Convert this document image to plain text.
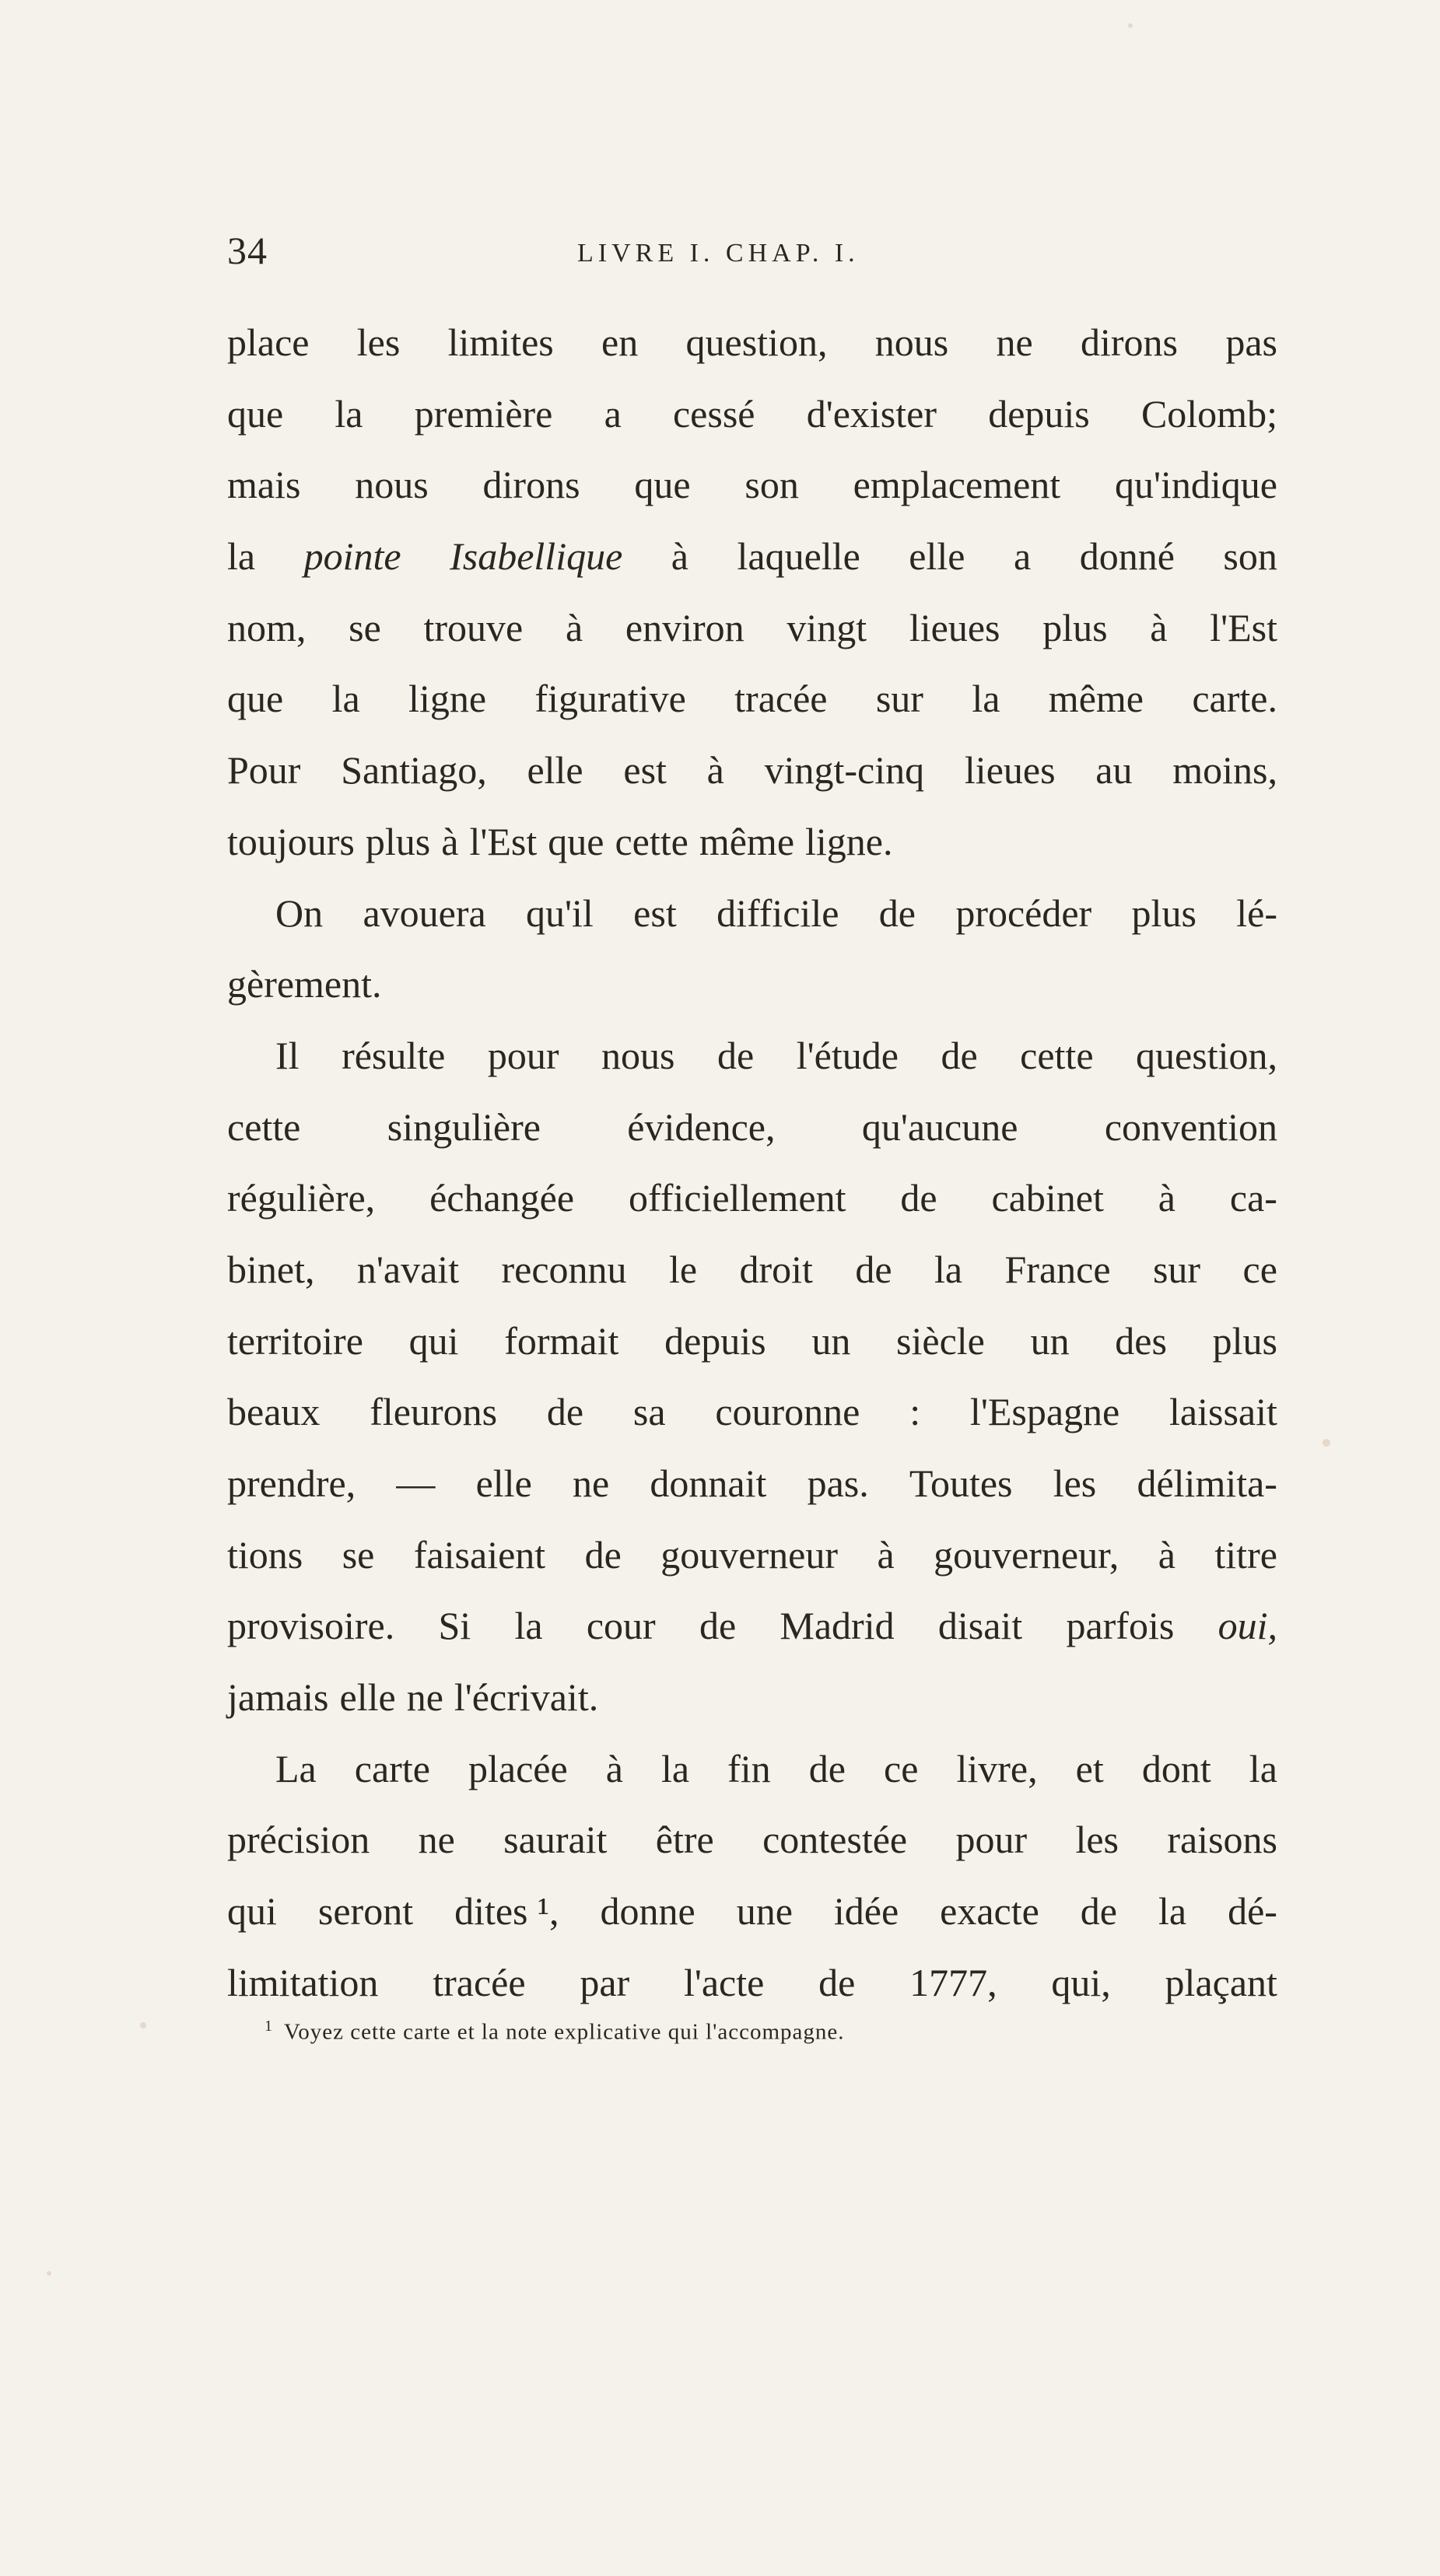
34	LIVRE I. CHAP. I.
place les limites en question, nous ne dirons pas
que la première a cessé d'exister depuis Colomb;
mais nous dirons que son emplacement qu'indique
la pointe Isabellique à laquelle elle a donné son
nom, se trouve à environ vingt lieues plus à l'Est
que la ligne figurative tracée sur la même carte.
Pour Santiago, elle est à vingt-cinq lieues au moins,
toujours plus à l'Est que cette même ligne.
On avouera qu'il est difficile de procéder plus lé-
gèrement.
Il résulte pour nous de l'étude de cette question,
cette singulière évidence, qu'aucune convention
régulière, échangée officiellement de cabinet à ca-
binet, n'avait reconnu le droit de la France sur ce
territoire qui formait depuis un siècle un des plus
beaux fleurons de sa couronne : l'Espagne laissait
prendre, — elle ne donnait pas. Toutes les délimita-
tions se faisaient de gouverneur à gouverneur, à titre
provisoire. Si la cour de Madrid disait parfois oui,
jamais elle ne l'écrivait.
La carte placée à la fin de ce livre, et dont la
précision ne saurait être contestée pour les raisons
qui seront dites ¹, donne une idée exacte de la dé-
limitation tracée par l'acte de 1777, qui, plaçant
$^1$ Voyez cette carte et la note explicative qui l'accompagne.
